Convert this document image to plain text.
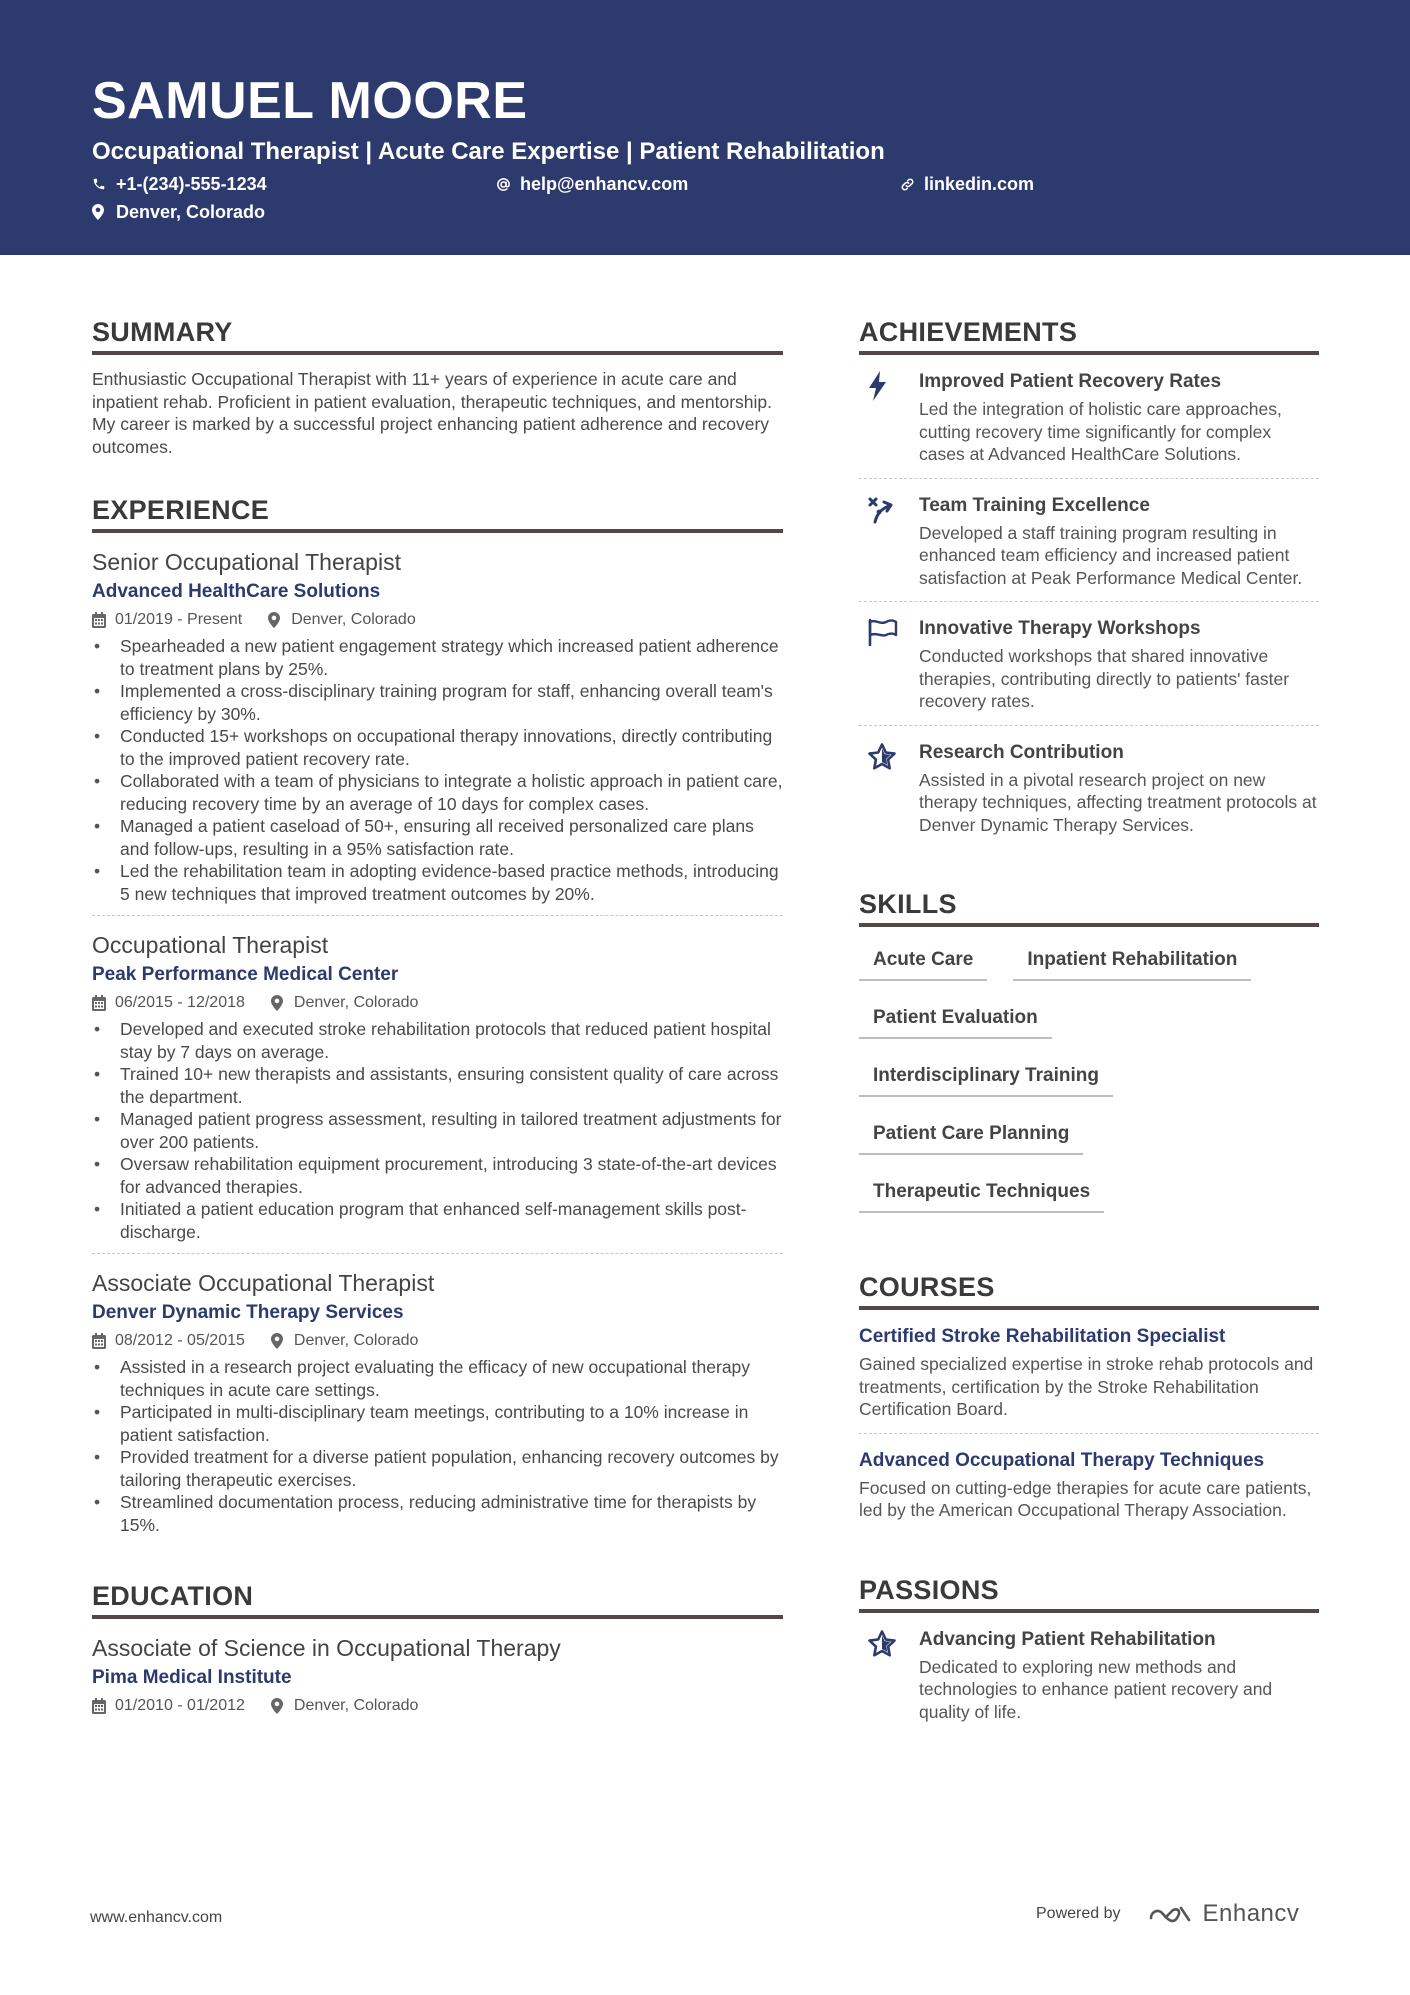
SAMUEL MOORE
Occupational Therapist | Acute Care Expertise | Patient Rehabilitation
+1-(234)-555-1234	help@enhancv.com	linkedin.com
Denver, Colorado
SUMMARY
Enthusiastic Occupational Therapist with 11+ years of experience in acute care and inpatient rehab. Proficient in patient evaluation, therapeutic techniques, and mentorship. My career is marked by a successful project enhancing patient adherence and recovery outcomes.
EXPERIENCE
Senior Occupational Therapist
Advanced HealthCare Solutions
01/2019 - Present	Denver, Colorado
• Spearheaded a new patient engagement strategy which increased patient adherence to treatment plans by 25%.
• Implemented a cross-disciplinary training program for staff, enhancing overall team's efficiency by 30%.
• Conducted 15+ workshops on occupational therapy innovations, directly contributing to the improved patient recovery rate.
• Collaborated with a team of physicians to integrate a holistic approach in patient care, reducing recovery time by an average of 10 days for complex cases.
• Managed a patient caseload of 50+, ensuring all received personalized care plans and follow-ups, resulting in a 95% satisfaction rate.
• Led the rehabilitation team in adopting evidence-based practice methods, introducing 5 new techniques that improved treatment outcomes by 20%.
Occupational Therapist
Peak Performance Medical Center
06/2015 - 12/2018	Denver, Colorado
• Developed and executed stroke rehabilitation protocols that reduced patient hospital stay by 7 days on average.
• Trained 10+ new therapists and assistants, ensuring consistent quality of care across the department.
• Managed patient progress assessment, resulting in tailored treatment adjustments for over 200 patients.
• Oversaw rehabilitation equipment procurement, introducing 3 state-of-the-art devices for advanced therapies.
• Initiated a patient education program that enhanced self-management skills post-discharge.
Associate Occupational Therapist
Denver Dynamic Therapy Services
08/2012 - 05/2015	Denver, Colorado
• Assisted in a research project evaluating the efficacy of new occupational therapy techniques in acute care settings.
• Participated in multi-disciplinary team meetings, contributing to a 10% increase in patient satisfaction.
• Provided treatment for a diverse patient population, enhancing recovery outcomes by tailoring therapeutic exercises.
• Streamlined documentation process, reducing administrative time for therapists by 15%.
EDUCATION
Associate of Science in Occupational Therapy
Pima Medical Institute
01/2010 - 01/2012	Denver, Colorado
ACHIEVEMENTS
Improved Patient Recovery Rates
Led the integration of holistic care approaches, cutting recovery time significantly for complex cases at Advanced HealthCare Solutions.
Team Training Excellence
Developed a staff training program resulting in enhanced team efficiency and increased patient satisfaction at Peak Performance Medical Center.
Innovative Therapy Workshops
Conducted workshops that shared innovative therapies, contributing directly to patients' faster recovery rates.
Research Contribution
Assisted in a pivotal research project on new therapy techniques, affecting treatment protocols at Denver Dynamic Therapy Services.
SKILLS
Acute Care	Inpatient Rehabilitation
Patient Evaluation
Interdisciplinary Training
Patient Care Planning
Therapeutic Techniques
COURSES
Certified Stroke Rehabilitation Specialist
Gained specialized expertise in stroke rehab protocols and treatments, certification by the Stroke Rehabilitation Certification Board.
Advanced Occupational Therapy Techniques
Focused on cutting-edge therapies for acute care patients, led by the American Occupational Therapy Association.
PASSIONS
Advancing Patient Rehabilitation
Dedicated to exploring new methods and technologies to enhance patient recovery and quality of life.
www.enhancv.com	Powered by	Enhancv
